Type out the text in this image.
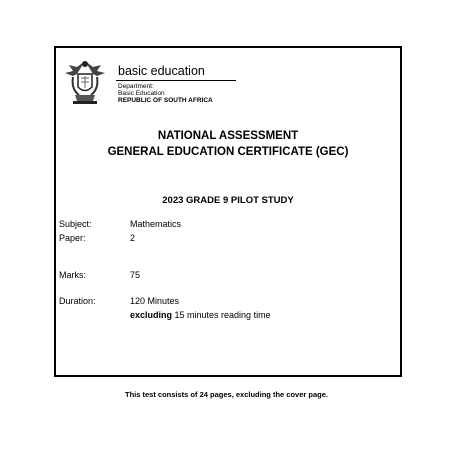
basic education
Department:
Basic Education
REPUBLIC OF SOUTH AFRICA
NATIONAL ASSESSMENT
GENERAL EDUCATION CERTIFICATE (GEC)
2023 GRADE 9 PILOT STUDY
Subject:	Mathematics
Paper:	2
Marks:	75
Duration:	120 Minutes
excluding 15 minutes reading time
This test consists of 24 pages, excluding the cover page.
